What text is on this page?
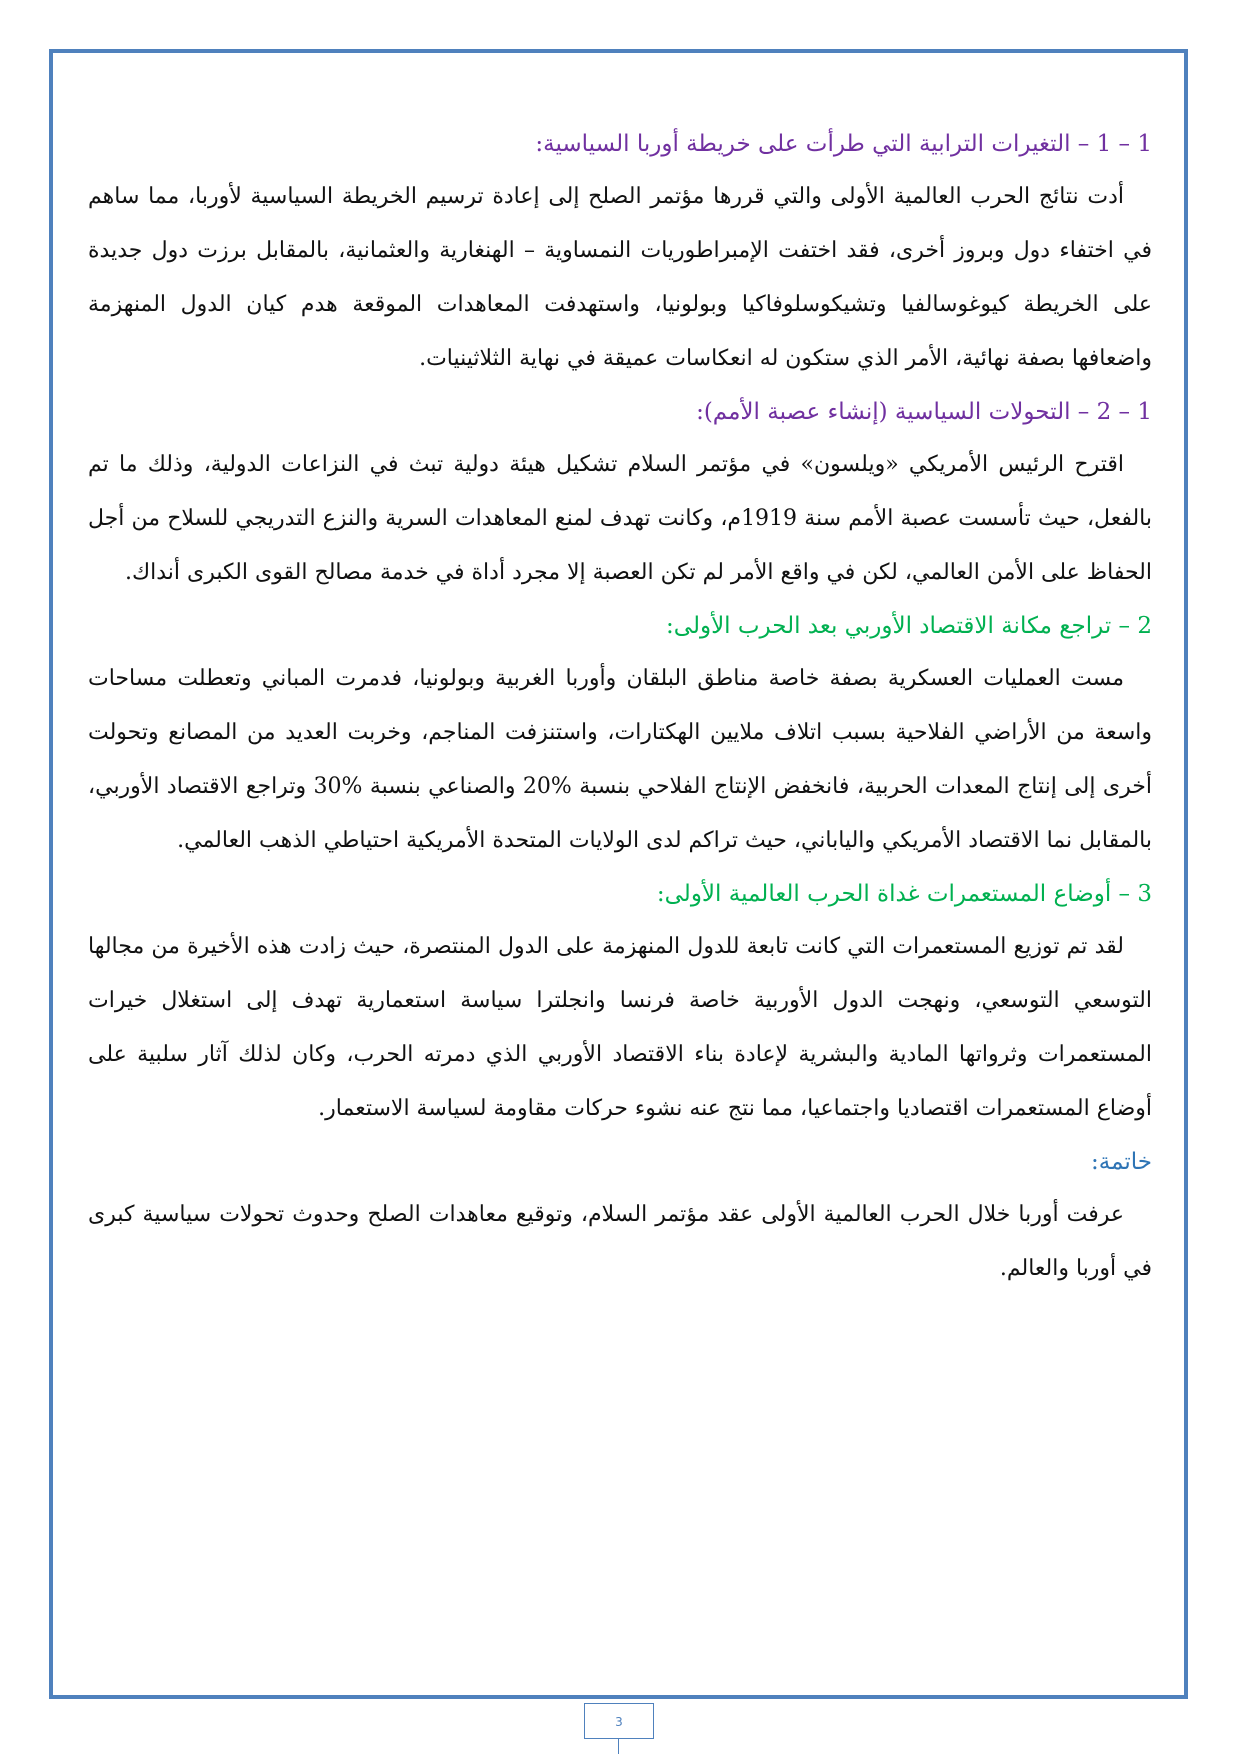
1 – 1 – التغيرات الترابية التي طرأت على خريطة أوربا السياسية:

أدت نتائج الحرب العالمية الأولى والتي قررها مؤتمر الصلح إلى إعادة ترسيم الخريطة السياسية لأوربا، مما ساهم في اختفاء دول وبروز أخرى، فقد اختفت الإمبراطوريات النمساوية – الهنغارية والعثمانية، بالمقابل برزت دول جديدة على الخريطة كيوغوسالفيا وتشيكوسلوفاكيا وبولونيا، واستهدفت المعاهدات الموقعة هدم كيان الدول المنهزمة واضعافها بصفة نهائية، الأمر الذي ستكون له انعكاسات عميقة في نهاية الثلاثينيات.

1 – 2 – التحولات السياسية (إنشاء عصبة الأمم):

اقترح الرئيس الأمريكي «ويلسون» في مؤتمر السلام تشكيل هيئة دولية تبث في النزاعات الدولية، وذلك ما تم بالفعل، حيث تأسست عصبة الأمم سنة 1919م، وكانت تهدف لمنع المعاهدات السرية والنزع التدريجي للسلاح من أجل الحفاظ على الأمن العالمي، لكن في واقع الأمر لم تكن العصبة إلا مجرد أداة في خدمة مصالح القوى الكبرى أنداك.

2 – تراجع مكانة الاقتصاد الأوربي بعد الحرب الأولى:

مست العمليات العسكرية بصفة خاصة مناطق البلقان وأوربا الغربية وبولونيا، فدمرت المباني وتعطلت مساحات واسعة من الأراضي الفلاحية بسبب اتلاف ملايين الهكتارات، واستنزفت المناجم، وخربت العديد من المصانع وتحولت أخرى إلى إنتاج المعدات الحربية، فانخفض الإنتاج الفلاحي بنسبة %20 والصناعي بنسبة %30 وتراجع الاقتصاد الأوربي، بالمقابل نما الاقتصاد الأمريكي والياباني، حيث تراكم لدى الولايات المتحدة الأمريكية احتياطي الذهب العالمي.

3 – أوضاع المستعمرات غداة الحرب العالمية الأولى:

لقد تم توزيع المستعمرات التي كانت تابعة للدول المنهزمة على الدول المنتصرة، حيث زادت هذه الأخيرة من مجالها التوسعي التوسعي، ونهجت الدول الأوربية خاصة فرنسا وانجلترا سياسة استعمارية تهدف إلى استغلال خيرات المستعمرات وثرواتها المادية والبشرية لإعادة بناء الاقتصاد الأوربي الذي دمرته الحرب، وكان لذلك آثار سلبية على أوضاع المستعمرات اقتصاديا واجتماعيا، مما نتج عنه نشوء حركات مقاومة لسياسة الاستعمار.

خاتمة:

عرفت أوربا خلال الحرب العالمية الأولى عقد مؤتمر السلام، وتوقيع معاهدات الصلح وحدوث تحولات سياسية كبرى في أوربا والعالم.

3
